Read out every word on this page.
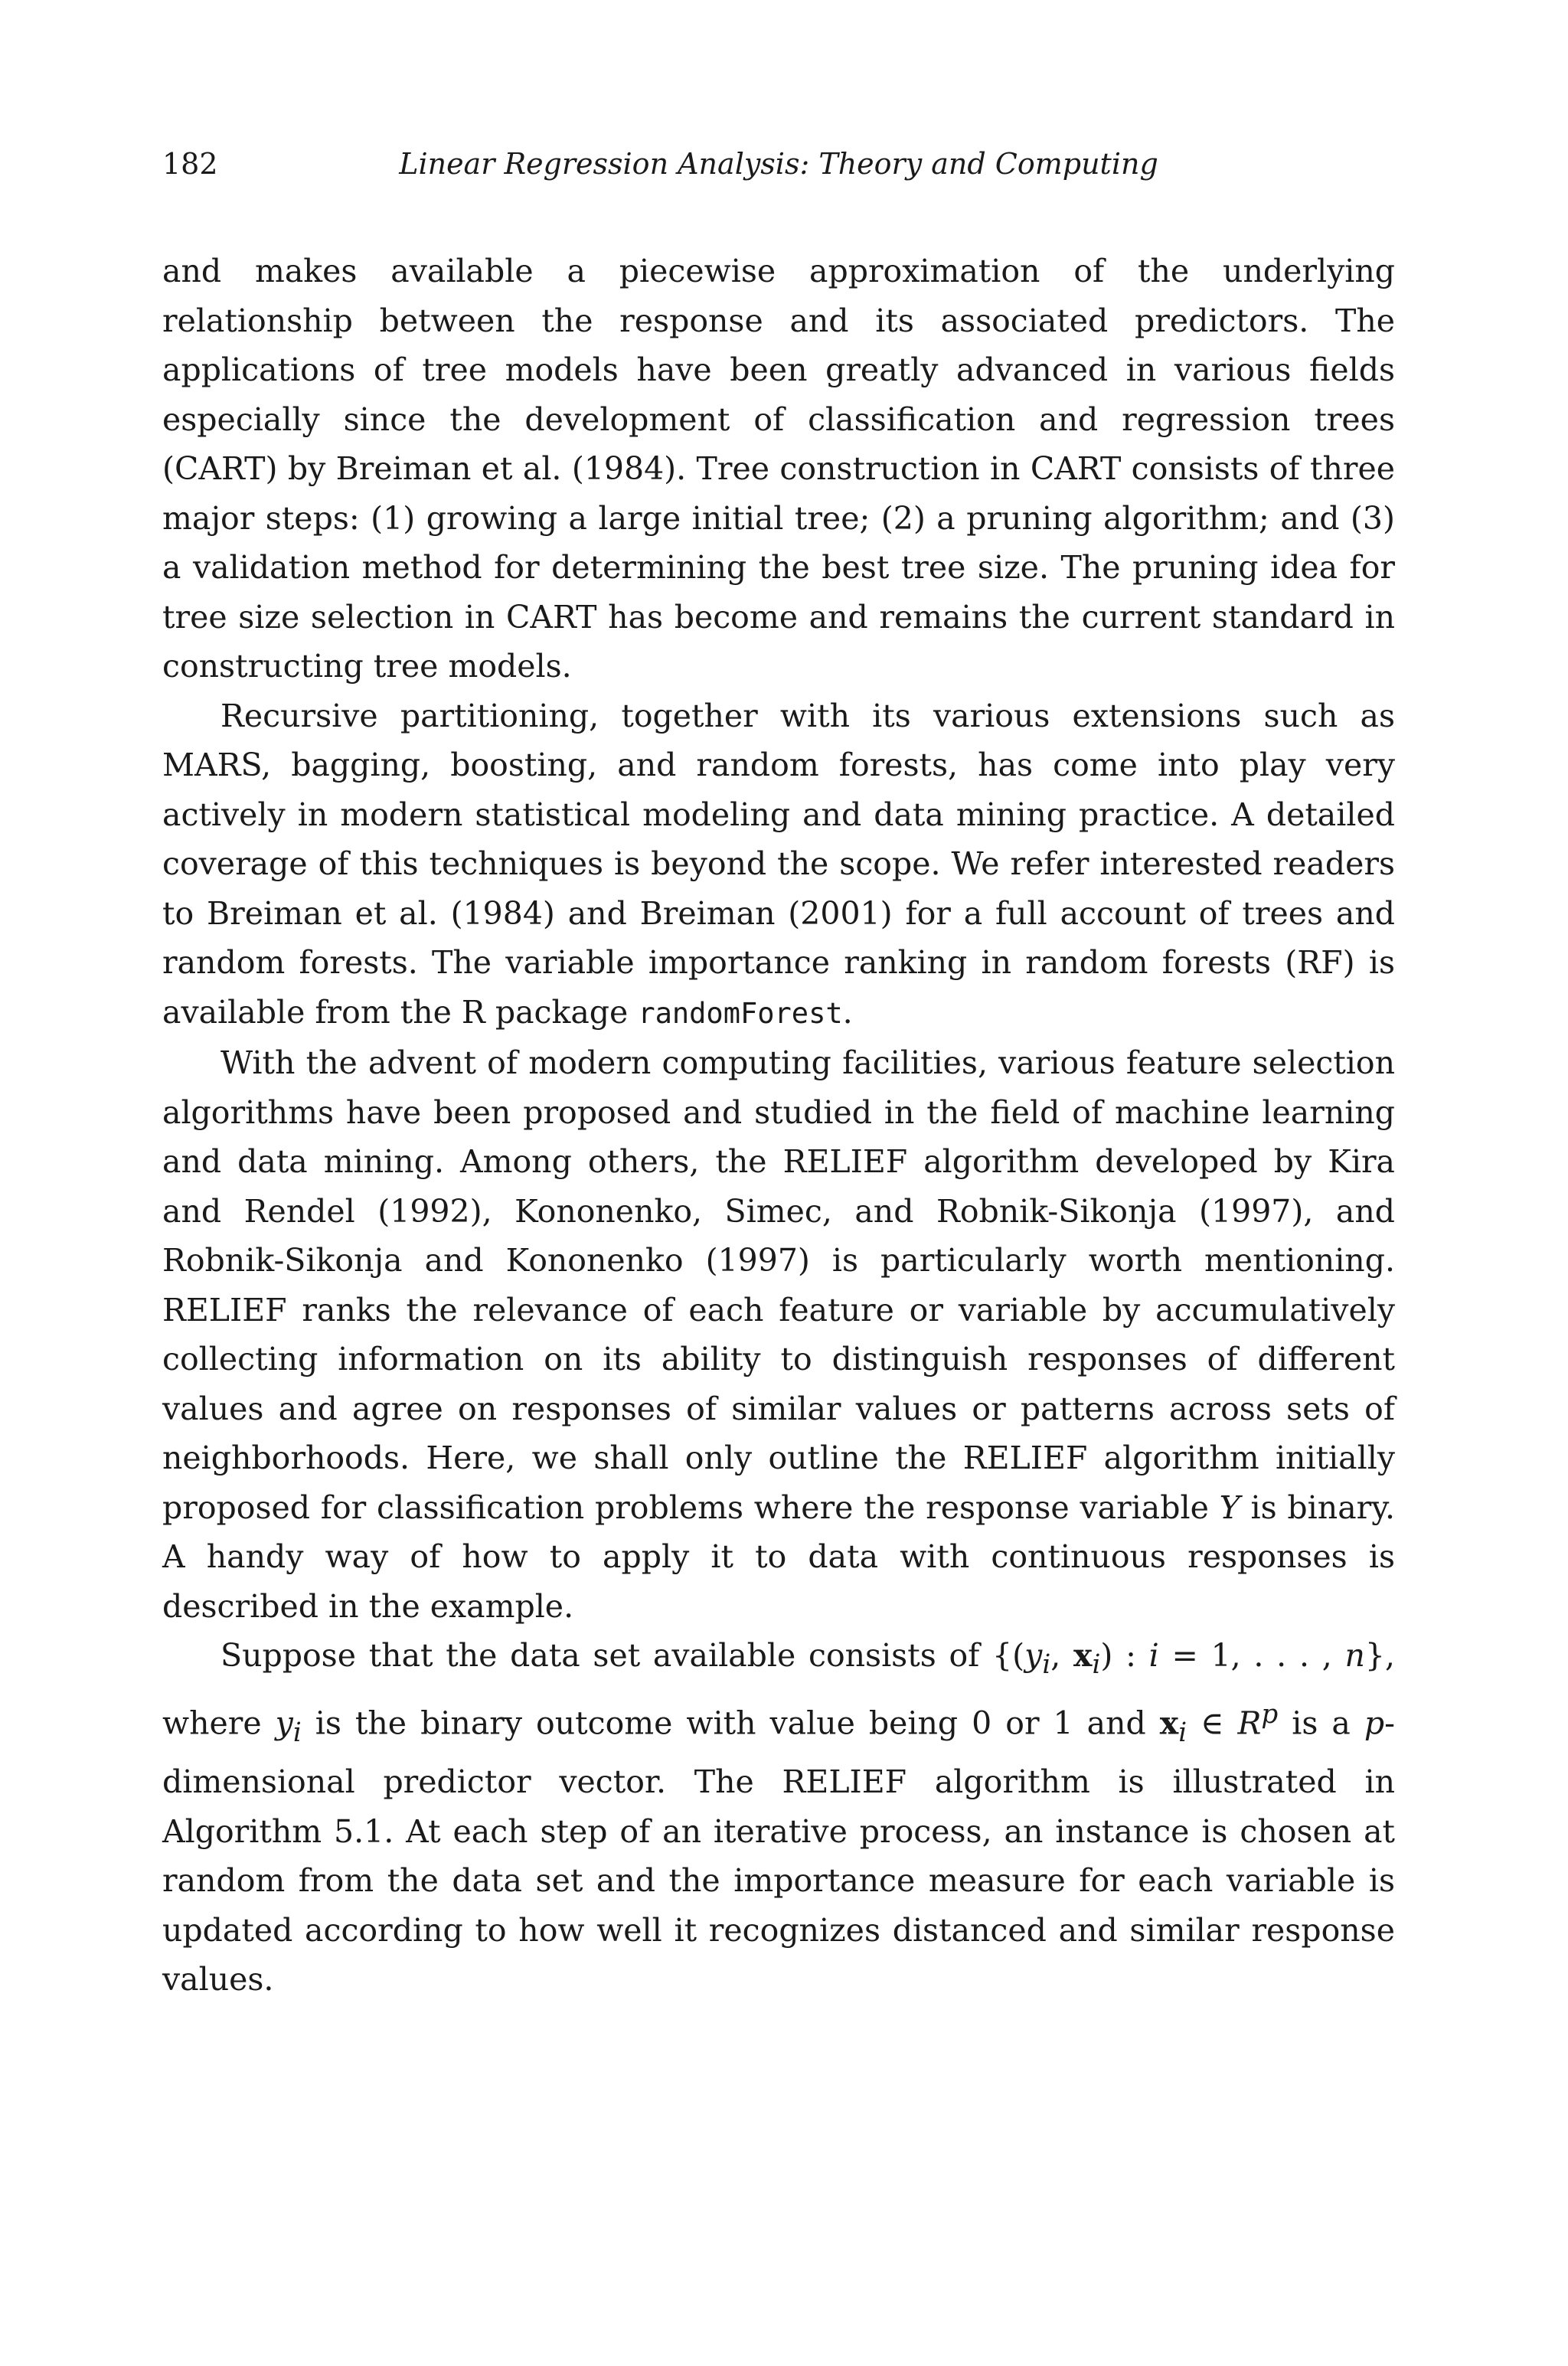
182	Linear Regression Analysis: Theory and Computing

and makes available a piecewise approximation of the underlying relationship between the response and its associated predictors. The applications of tree models have been greatly advanced in various fields especially since the development of classification and regression trees (CART) by Breiman et al. (1984). Tree construction in CART consists of three major steps: (1) growing a large initial tree; (2) a pruning algorithm; and (3) a validation method for determining the best tree size. The pruning idea for tree size selection in CART has become and remains the current standard in constructing tree models.

Recursive partitioning, together with its various extensions such as MARS, bagging, boosting, and random forests, has come into play very actively in modern statistical modeling and data mining practice. A detailed coverage of this techniques is beyond the scope. We refer interested readers to Breiman et al. (1984) and Breiman (2001) for a full account of trees and random forests. The variable importance ranking in random forests (RF) is available from the R package randomForest.

With the advent of modern computing facilities, various feature selection algorithms have been proposed and studied in the field of machine learning and data mining. Among others, the RELIEF algorithm developed by Kira and Rendel (1992), Kononenko, Simec, and Robnik-Sikonja (1997), and Robnik-Sikonja and Kononenko (1997) is particularly worth mentioning. RELIEF ranks the relevance of each feature or variable by accumulatively collecting information on its ability to distinguish responses of different values and agree on responses of similar values or patterns across sets of neighborhoods. Here, we shall only outline the RELIEF algorithm initially proposed for classification problems where the response variable Y is binary. A handy way of how to apply it to data with continuous responses is described in the example.

Suppose that the data set available consists of {($y_i$, $x_i$) : i = 1, . . . , n}, where $y_i$ is the binary outcome with value being 0 or 1 and $x_i$ ∈ $R^p$ is a p-dimensional predictor vector. The RELIEF algorithm is illustrated in Algorithm 5.1. At each step of an iterative process, an instance is chosen at random from the data set and the importance measure for each variable is updated according to how well it recognizes distanced and similar response values.
